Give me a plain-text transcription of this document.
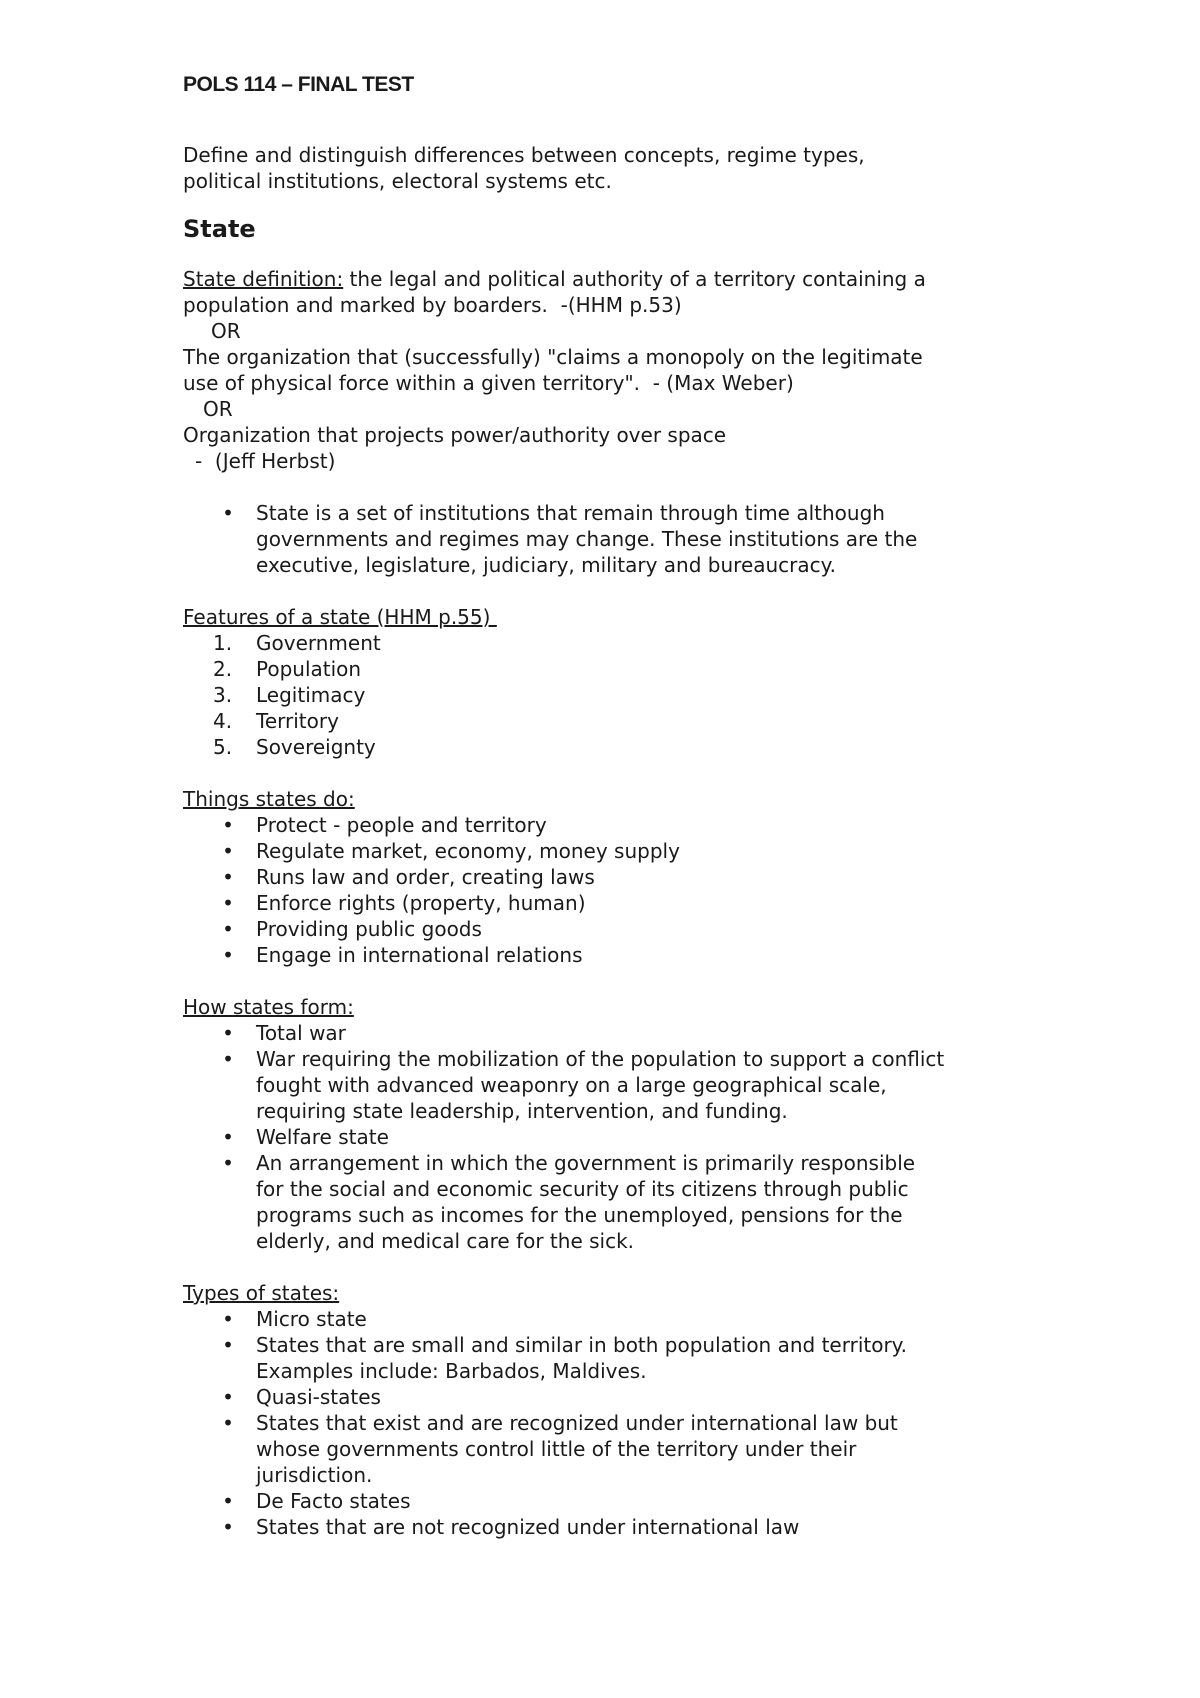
POLS 114 – FINAL TEST
Define and distinguish differences between concepts, regime types,
political institutions, electoral systems etc.
State
State definition: the legal and political authority of a territory containing a
population and marked by boarders.  -(HHM p.53)
OR
The organization that (successfully) "claims a monopoly on the legitimate
use of physical force within a given territory".  - (Max Weber)
OR
Organization that projects power/authority over space
-  (Jeff Herbst)
• State is a set of institutions that remain through time although
governments and regimes may change. These institutions are the
executive, legislature, judiciary, military and bureaucracy.
Features of a state (HHM p.55)
1.	Government
2.	Population
3.	Legitimacy
4.	Territory
5.	Sovereignty
Things states do:
• Protect - people and territory
• Regulate market, economy, money supply
• Runs law and order, creating laws
• Enforce rights (property, human)
• Providing public goods
• Engage in international relations
How states form:
• Total war
• War requiring the mobilization of the population to support a conflict
fought with advanced weaponry on a large geographical scale,
requiring state leadership, intervention, and funding.
• Welfare state
• An arrangement in which the government is primarily responsible
for the social and economic security of its citizens through public
programs such as incomes for the unemployed, pensions for the
elderly, and medical care for the sick.
Types of states:
• Micro state
• States that are small and similar in both population and territory.
Examples include: Barbados, Maldives.
• Quasi-states
• States that exist and are recognized under international law but
whose governments control little of the territory under their
jurisdiction.
• De Facto states
• States that are not recognized under international law
